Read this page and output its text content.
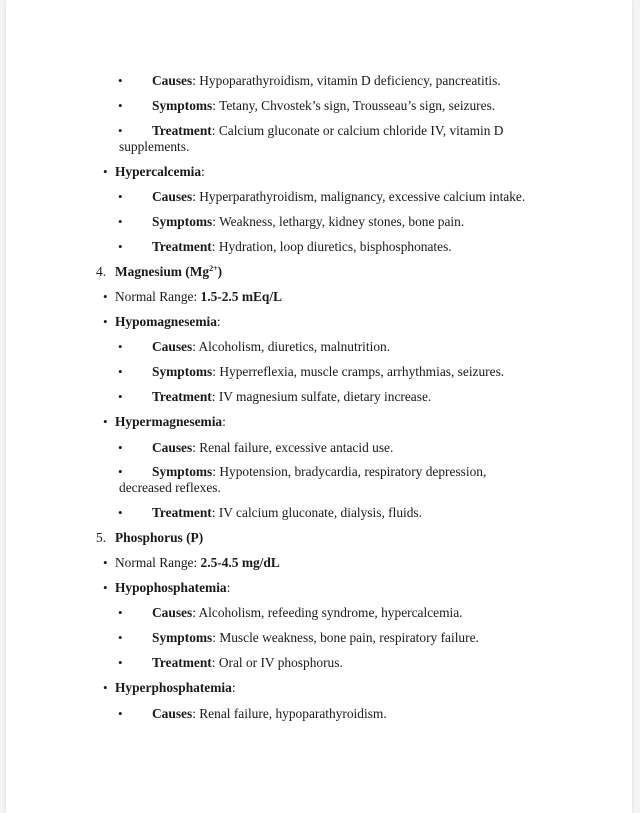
• Causes: Hypoparathyroidism, vitamin D deficiency, pancreatitis.
• Symptoms: Tetany, Chvostek’s sign, Trousseau’s sign, seizures.
• Treatment: Calcium gluconate or calcium chloride IV, vitamin D
supplements.
• Hypercalcemia:
• Causes: Hyperparathyroidism, malignancy, excessive calcium intake.
• Symptoms: Weakness, lethargy, kidney stones, bone pain.
• Treatment: Hydration, loop diuretics, bisphosphonates.
4. Magnesium $(Mg^{2+})$
• Normal Range: 1.5-2.5 mEq/L
• Hypomagnesemia:
• Causes: Alcoholism, diuretics, malnutrition.
• Symptoms: Hyperreflexia, muscle cramps, arrhythmias, seizures.
• Treatment: IV magnesium sulfate, dietary increase.
• Hypermagnesemia:
• Causes: Renal failure, excessive antacid use.
• Symptoms: Hypotension, bradycardia, respiratory depression,
decreased reflexes.
• Treatment: IV calcium gluconate, dialysis, fluids.
5. Phosphorus (P)
• Normal Range: 2.5-4.5 mg/dL
• Hypophosphatemia:
• Causes: Alcoholism, refeeding syndrome, hypercalcemia.
• Symptoms: Muscle weakness, bone pain, respiratory failure.
• Treatment: Oral or IV phosphorus.
• Hyperphosphatemia:
• Causes: Renal failure, hypoparathyroidism.
